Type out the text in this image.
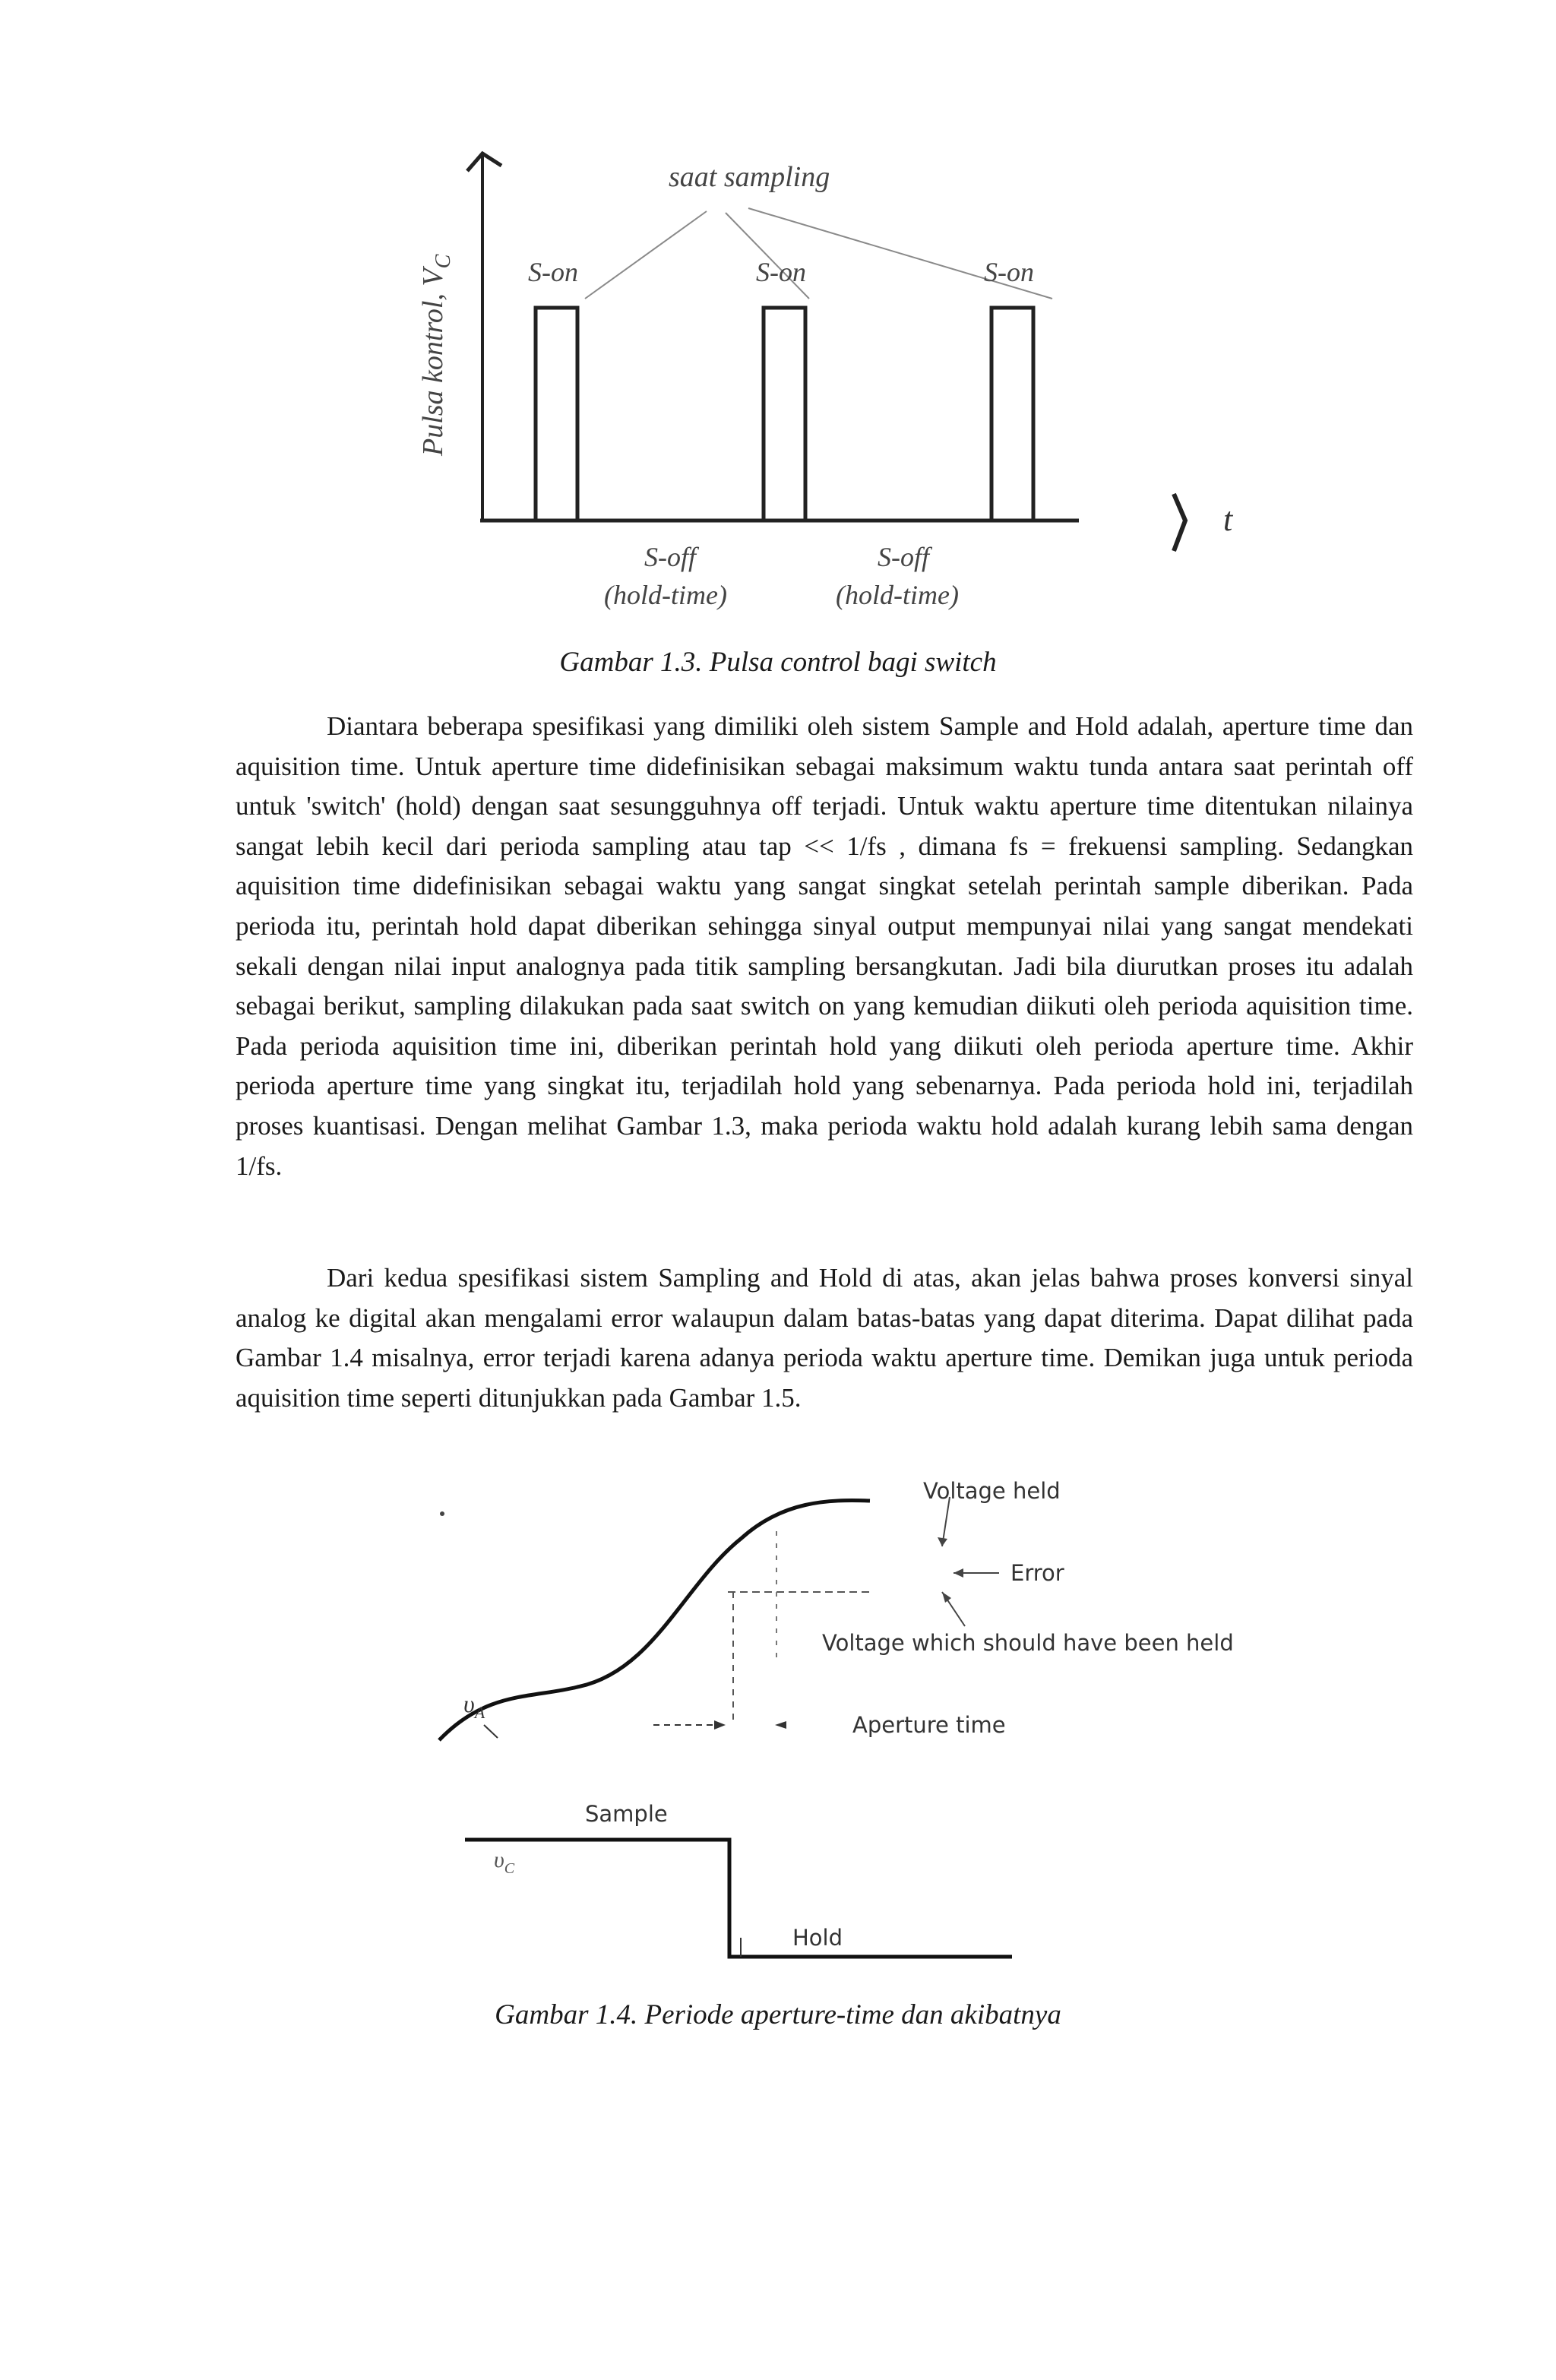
saat sampling
S-on	S-on	S-on
S-off
(hold-time)
S-off
(hold-time)
t
Pulsa kontrol, $V_C$
Gambar 1.3. Pulsa control bagi switch

Diantara beberapa spesifikasi yang dimiliki oleh sistem Sample and Hold adalah, aperture time dan aquisition time. Untuk aperture time didefinisikan sebagai maksimum waktu tunda antara saat perintah off untuk 'switch' (hold) dengan saat sesungguhnya off terjadi. Untuk waktu aperture time ditentukan nilainya sangat lebih kecil dari perioda sampling atau tap << 1/fs , dimana fs = frekuensi sampling. Sedangkan aquisition time didefinisikan sebagai waktu yang sangat singkat setelah perintah sample diberikan. Pada perioda itu, perintah hold dapat diberikan sehingga sinyal output mempunyai nilai yang sangat mendekati sekali dengan nilai input analognya pada titik sampling bersangkutan. Jadi bila diurutkan proses itu adalah sebagai berikut, sampling dilakukan pada saat switch on yang kemudian diikuti oleh perioda aquisition time. Pada perioda aquisition time ini, diberikan perintah hold yang diikuti oleh perioda aperture time. Akhir perioda aperture time yang singkat itu, terjadilah hold yang sebenarnya. Pada perioda hold ini, terjadilah proses kuantisasi. Dengan melihat Gambar 1.3, maka perioda waktu hold adalah kurang lebih sama dengan 1/fs.

Dari kedua spesifikasi sistem Sampling and Hold di atas, akan jelas bahwa proses konversi sinyal analog ke digital akan mengalami error walaupun dalam batas-batas yang dapat diterima. Dapat dilihat pada Gambar 1.4 misalnya, error terjadi karena adanya perioda waktu aperture time. Demikan juga untuk perioda aquisition time seperti ditunjukkan pada Gambar 1.5.

Voltage held
Error
Voltage which should have been held
Aperture time
$\upsilon_A$
Sample
$\upsilon_C$
Hold
Gambar 1.4. Periode aperture-time dan akibatnya
